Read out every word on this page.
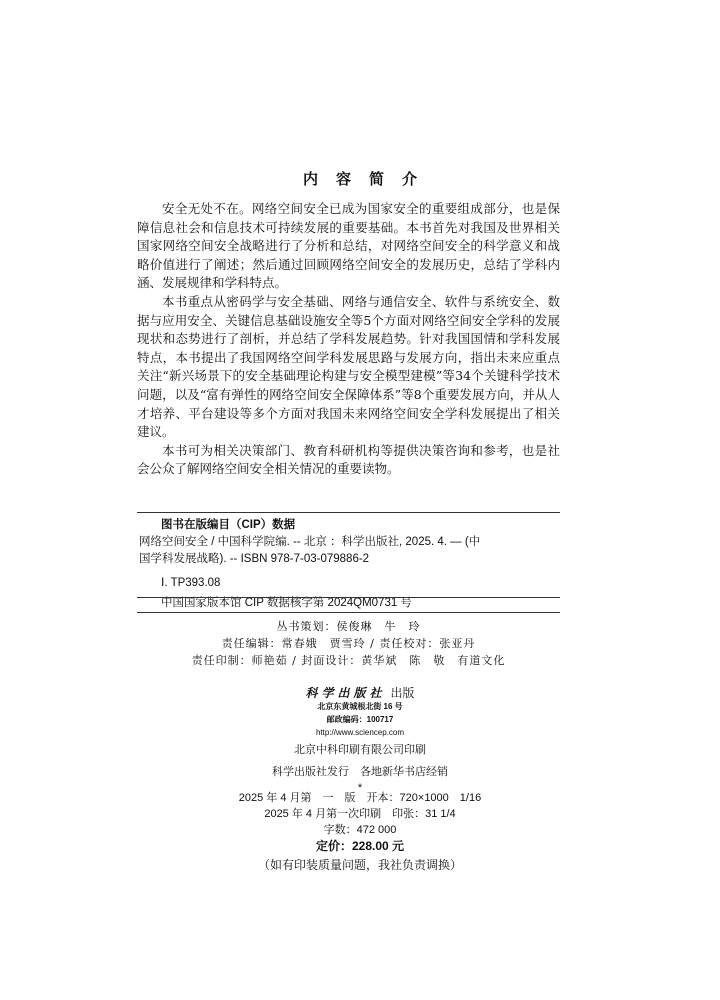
内容简介

安全无处不在。网络空间安全已成为国家安全的重要组成部分，也是保障信息社会和信息技术可持续发展的重要基础。本书首先对我国及世界相关国家网络空间安全战略进行了分析和总结，对网络空间安全的科学意义和战略价值进行了阐述；然后通过回顾网络空间安全的发展历史，总结了学科内涵、发展规律和学科特点。

本书重点从密码学与安全基础、网络与通信安全、软件与系统安全、数据与应用安全、关键信息基础设施安全等5个方面对网络空间安全学科的发展现状和态势进行了剖析，并总结了学科发展趋势。针对我国国情和学科发展特点，本书提出了我国网络空间学科发展思路与发展方向，指出未来应重点关注“新兴场景下的安全基础理论构建与安全模型建模”等34个关键科学技术问题，以及“富有弹性的网络空间安全保障体系”等8个重要发展方向，并从人才培养、平台建设等多个方面对我国未来网络空间安全学科发展提出了相关建议。

本书可为相关决策部门、教育科研机构等提供决策咨询和参考，也是社会公众了解网络空间安全相关情况的重要读物。

图书在版编目（CIP）数据
网络空间安全 / 中国科学院编. -- 北京 ：科学出版社, 2025. 4. — (中
国学科发展战略). -- ISBN 978-7-03-079886-2
Ⅰ. TP393.08
中国国家版本馆 CIP 数据核字第 2024QM0731 号
丛书策划：侯俊琳　牛　玲
责任编辑：常春娥　贾雪玲 / 责任校对：张亚丹
责任印制：师艳茹 / 封面设计：黄华斌　陈　敬　有道文化
科学出版社 出版
北京东黄城根北街 16 号
邮政编码：100717
http://www.sciencep.com
北京中科印刷有限公司印刷
科学出版社发行　各地新华书店经销
*
2025 年 4 月第　一　版　开本：720×1000　1/16
2025 年 4 月第一次印刷　印张：31 1/4
字数：472 000
定价：228.00 元
（如有印装质量问题，我社负责调换）
